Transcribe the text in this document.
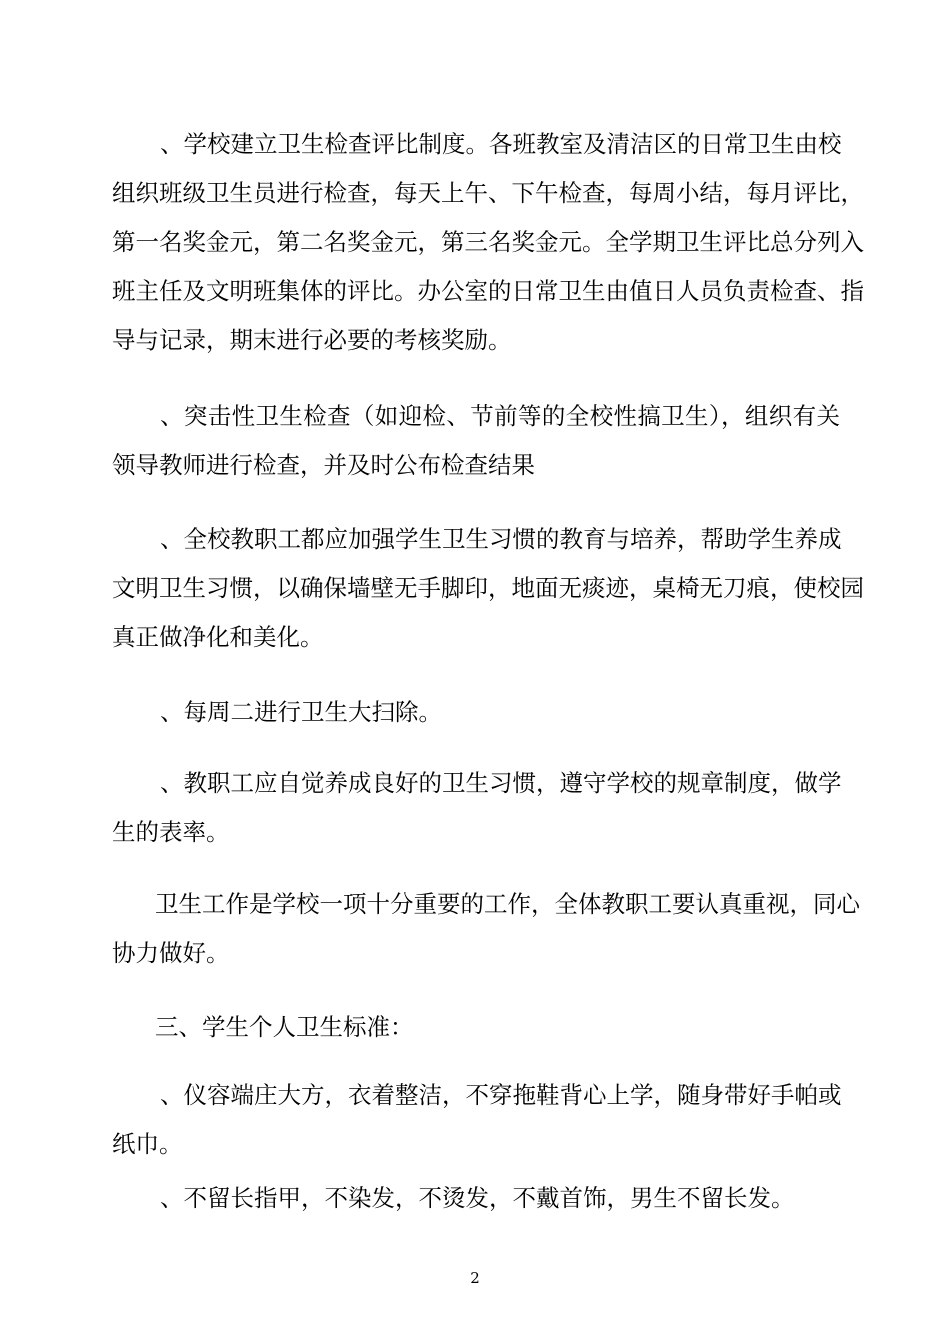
、学校建立卫生检查评比制度。各班教室及清洁区的日常卫生由校
组织班级卫生员进行检查，每天上午、下午检查，每周小结，每月评比，
第一名奖金元，第二名奖金元，第三名奖金元。全学期卫生评比总分列入
班主任及文明班集体的评比。办公室的日常卫生由值日人员负责检查、指
导与记录，期末进行必要的考核奖励。
、突击性卫生检查（如迎检、节前等的全校性搞卫生），组织有关
领导教师进行检查，并及时公布检查结果
、全校教职工都应加强学生卫生习惯的教育与培养，帮助学生养成
文明卫生习惯，以确保墙壁无手脚印，地面无痰迹，桌椅无刀痕，使校园
真正做净化和美化。
、每周二进行卫生大扫除。
、教职工应自觉养成良好的卫生习惯，遵守学校的规章制度，做学
生的表率。
卫生工作是学校一项十分重要的工作，全体教职工要认真重视，同心
协力做好。
三、学生个人卫生标准：
、仪容端庄大方，衣着整洁，不穿拖鞋背心上学，随身带好手帕或
纸巾。
、不留长指甲，不染发，不烫发，不戴首饰，男生不留长发。
2
